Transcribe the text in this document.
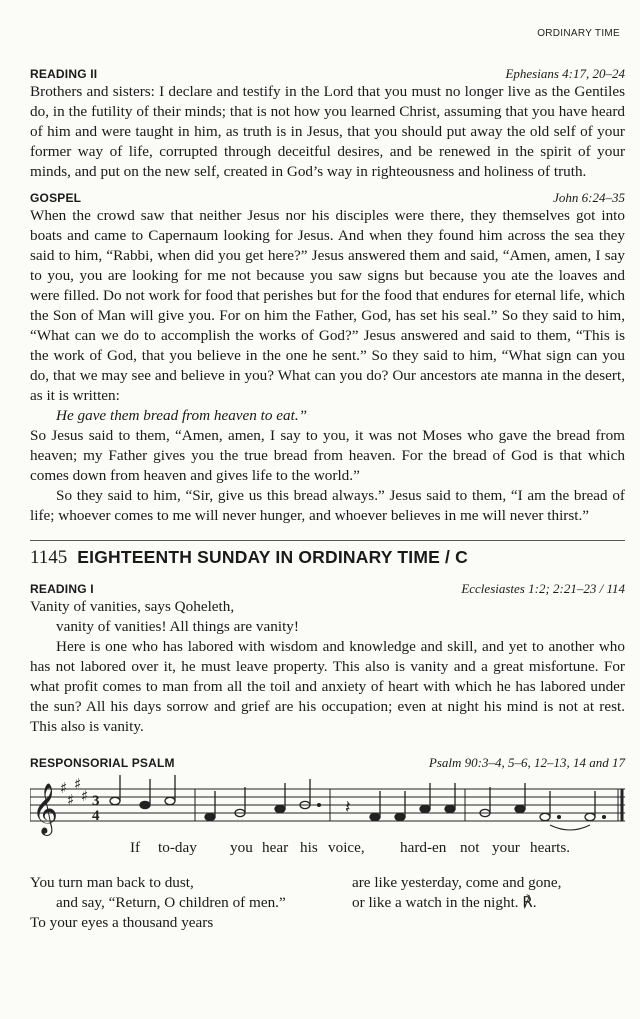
ORDINARY TIME
READING II	Ephesians 4:17, 20–24

Brothers and sisters: I declare and testify in the Lord that you must no longer live as the Gentiles do, in the futility of their minds; that is not how you learned Christ, assuming that you have heard of him and were taught in him, as truth is in Jesus, that you should put away the old self of your former way of life, corrupted through deceitful desires, and be renewed in the spirit of your minds, and put on the new self, created in God’s way in righteousness and holiness of truth.

GOSPEL	John 6:24–35

When the crowd saw that neither Jesus nor his disciples were there, they themselves got into boats and came to Capernaum looking for Jesus. And when they found him across the sea they said to him, “Rabbi, when did you get here?” Jesus answered them and said, “Amen, amen, I say to you, you are looking for me not because you saw signs but because you ate the loaves and were filled. Do not work for food that perishes but for the food that endures for eternal life, which the Son of Man will give you. For on him the Father, God, has set his seal.” So they said to him, “What can we do to accomplish the works of God?” Jesus answered and said to them, “This is the work of God, that you believe in the one he sent.” So they said to him, “What sign can you do, that we may see and believe in you? What can you do? Our ancestors ate manna in the desert, as it is written:

He gave them bread from heaven to eat.”

So Jesus said to them, “Amen, amen, I say to you, it was not Moses who gave the bread from heaven; my Father gives you the true bread from heaven. For the bread of God is that which comes down from heaven and gives life to the world.”

So they said to him, “Sir, give us this bread always.” Jesus said to them, “I am the bread of life; whoever comes to me will never hunger, and whoever believes in me will never thirst.”

1145 EIGHTEENTH SUNDAY IN ORDINARY TIME / C
READING I	Ecclesiastes 1:2; 2:21–23 / 114

Vanity of vanities, says Qoheleth,

vanity of vanities! All things are vanity!

Here is one who has labored with wisdom and knowledge and skill, and yet to another who has not labored over it, he must leave property. This also is vanity and a great misfortune. For what profit comes to man from all the toil and anxiety of heart with which he has labored under the sun? All his days sorrow and grief are his occupation; even at night his mind is not at rest. This also is vanity.

RESPONSORIAL PSALM	Psalm 90:3–4, 5–6, 12–13, 14 and 17
𝄞 ♯
♯
♯
♯ 3
4	𝄽
If to-day you hear his voice, hard-en not your hearts.

You turn man back to dust,

and say, “Return, O children of men.”

To your eyes a thousand years

are like yesterday, come and gone,

or like a watch in the night. ℟.
